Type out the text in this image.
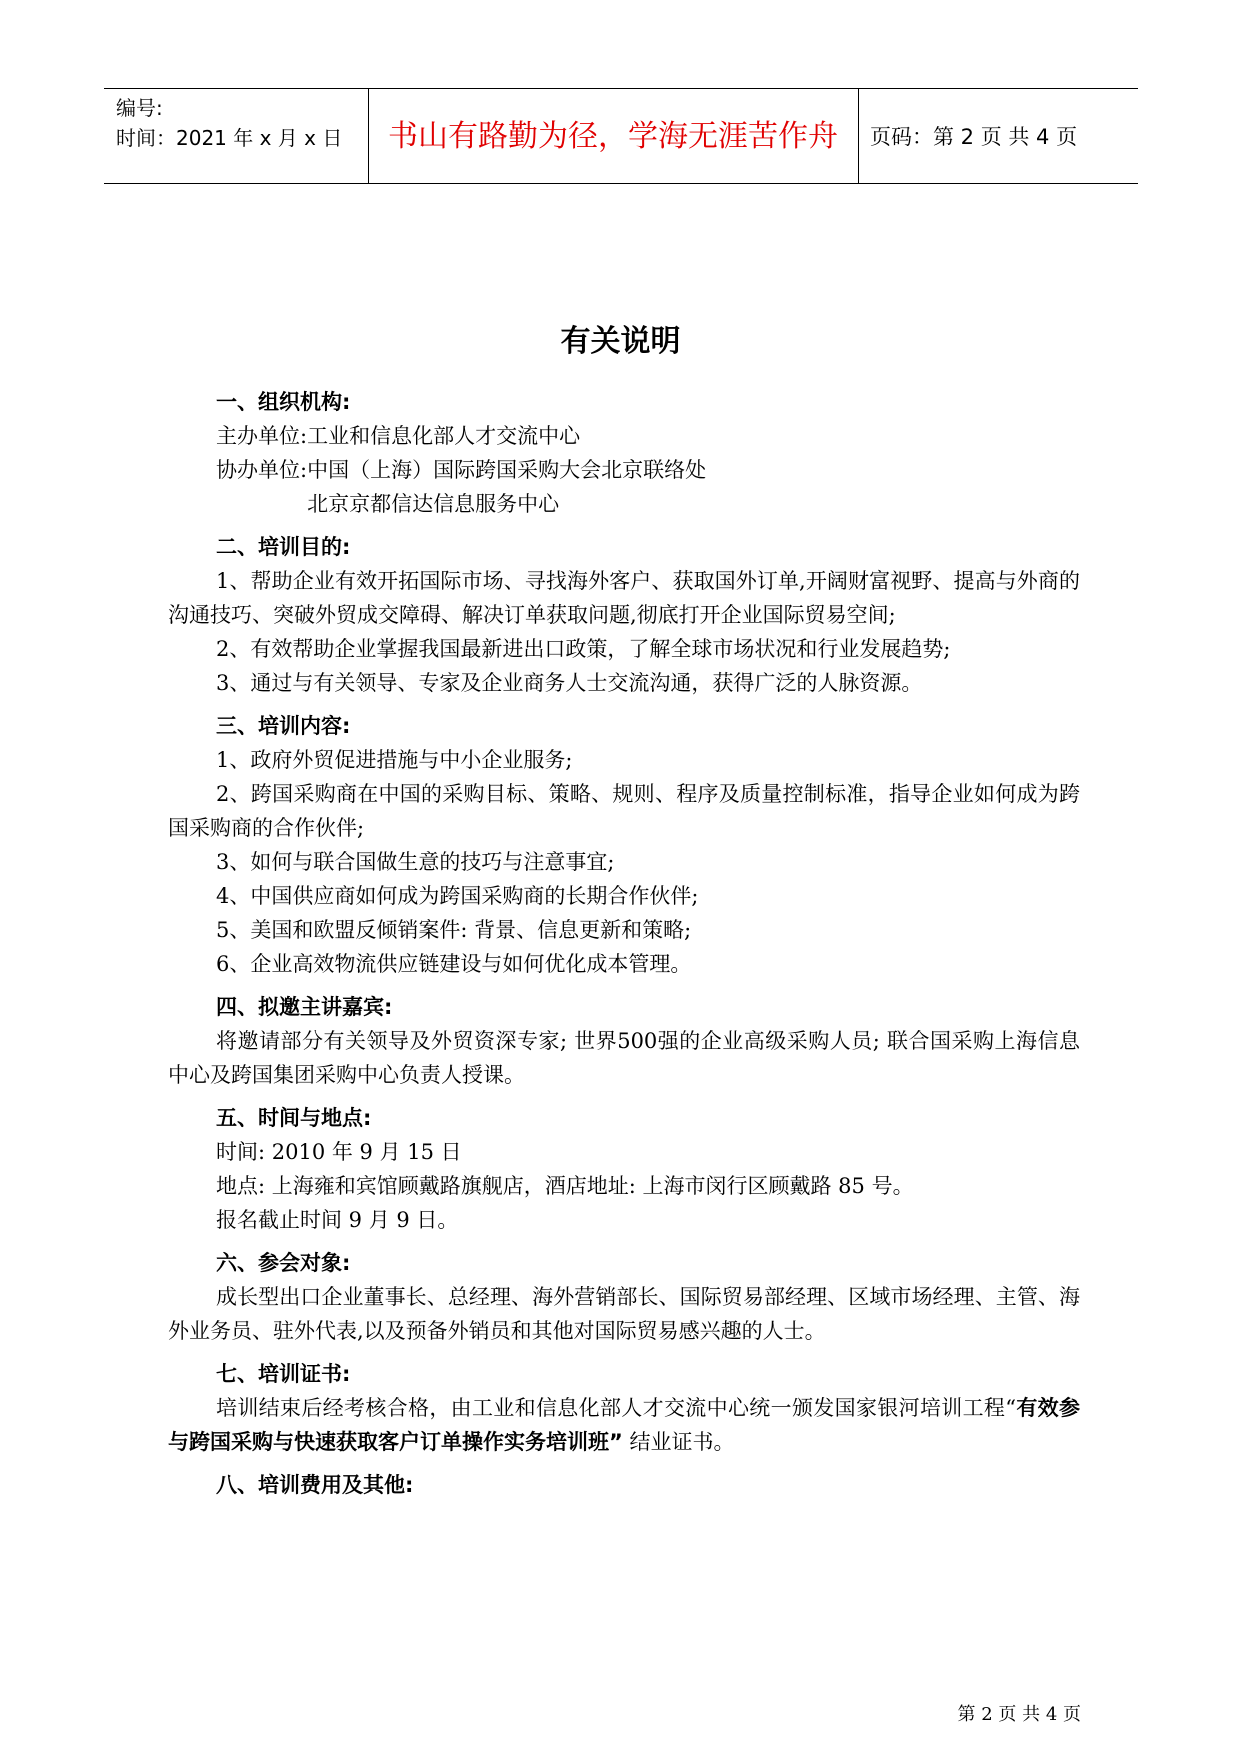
编号:
时间：2021 年 x 月 x 日	书山有路勤为径，学海无涯苦作舟	页码：第 2 页 共 4 页
有关说明
一、组织机构:
主办单位: 工业和信息化部人才交流中心
协办单位: 中国（上海）国际跨国采购大会北京联络处
北京京都信达信息服务中心
二、培训目的:
1、帮助企业有效开拓国际市场、寻找海外客户、获取国外订单,开阔财富视野、提高与外商的沟通技巧、突破外贸成交障碍、解决订单获取问题,彻底打开企业国际贸易空间;
2、有效帮助企业掌握我国最新进出口政策，了解全球市场状况和行业发展趋势;
3、通过与有关领导、专家及企业商务人士交流沟通，获得广泛的人脉资源。
三、培训内容:
1、政府外贸促进措施与中小企业服务;
2、跨国采购商在中国的采购目标、策略、规则、程序及质量控制标准，指导企业如何成为跨国采购商的合作伙伴;
3、如何与联合国做生意的技巧与注意事宜;
4、中国供应商如何成为跨国采购商的长期合作伙伴;
5、美国和欧盟反倾销案件: 背景、信息更新和策略;
6、企业高效物流供应链建设与如何优化成本管理。
四、拟邀主讲嘉宾:
将邀请部分有关领导及外贸资深专家; 世界500强的企业高级采购人员; 联合国采购上海信息中心及跨国集团采购中心负责人授课。
五、时间与地点:
时间: 2010 年 9 月 15 日
地点: 上海雍和宾馆顾戴路旗舰店，酒店地址: 上海市闵行区顾戴路 85 号。
报名截止时间 9 月 9 日。
六、参会对象:
成长型出口企业董事长、总经理、海外营销部长、国际贸易部经理、区域市场经理、主管、海外业务员、驻外代表,以及预备外销员和其他对国际贸易感兴趣的人士。
七、培训证书:
培训结束后经考核合格，由工业和信息化部人才交流中心统一颁发国家银河培训工程“有效参与跨国采购与快速获取客户订单操作实务培训班” 结业证书。
八、培训费用及其他:
第 2 页 共 4 页
